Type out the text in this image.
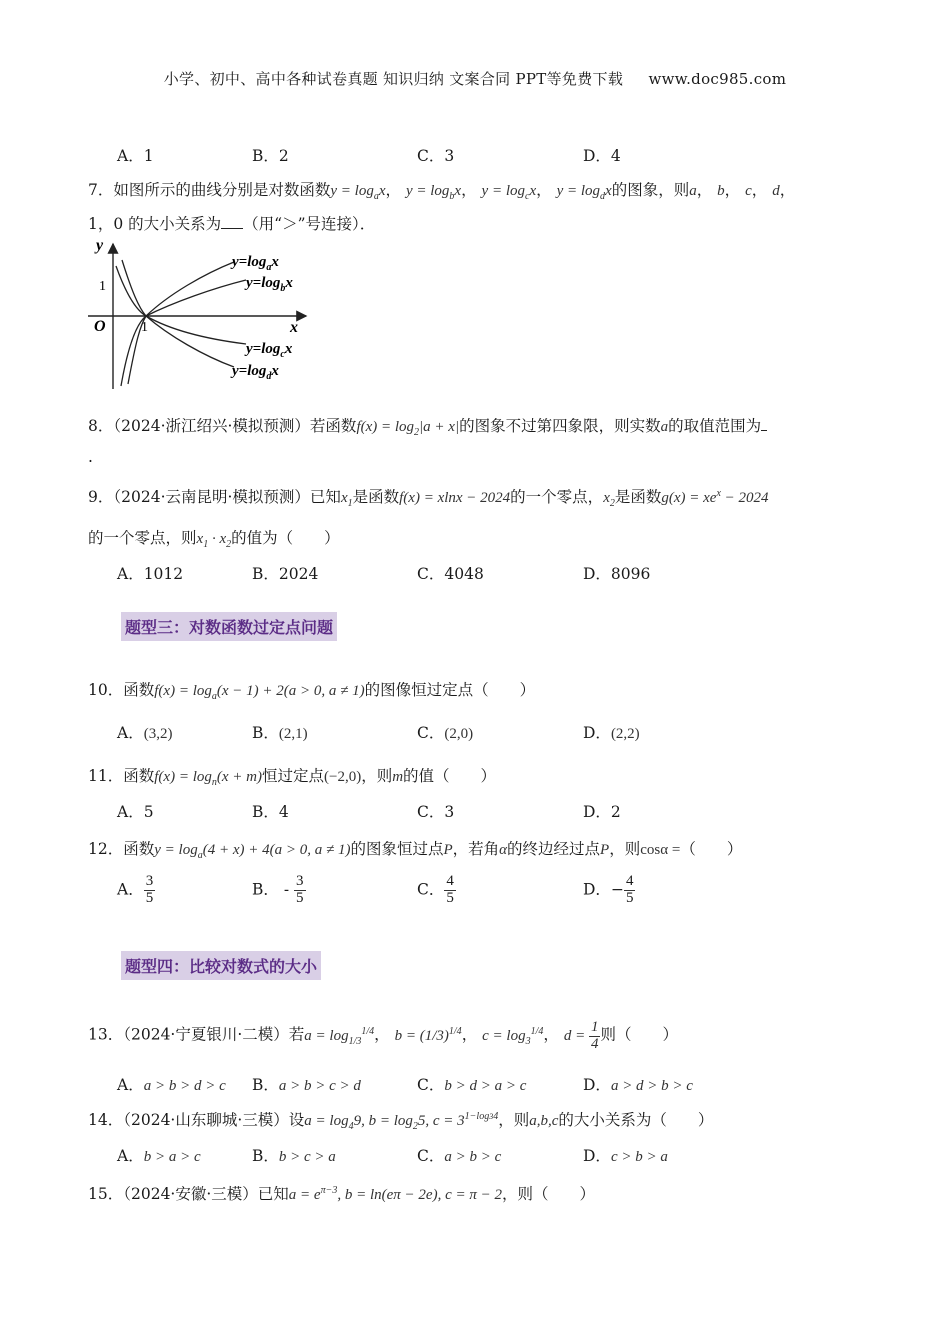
小学、初中、高中各种试卷真题 知识归纳 文案合同 PPT等免费下载 www.doc985.com
A．1	B．2	C．3	D．4
7．如图所示的曲线分别是对数函数$y = \log_ax$， $y = \log_bx$， $y = \log_cx$， $y = \log_dx$的图象，则a， b， c， d，
1，0 的大小关系为 （用“＞”号连接）．
y
x
O
1
1
$y=\log_ax$
$y=\log_bx$
$y=\log_cx$
$y=\log_dx$
8．（2024·浙江绍兴·模拟预测）若函数$f(x) = \log_2|a + x|$的图象不过第四象限，则实数a的取值范围为
.
9．（2024·云南昆明·模拟预测）已知$x_1$是函数f(x) = xlnx − 2024的一个零点，$x_2$是函数$g(x) = xe^x - 2024$
的一个零点，则$x_1 \cdot x_2$的值为（　　）
A．1012	B．2024	C．4048	D．8096
题型三：对数函数过定点问题
10．函数$f(x) = \log_a(x - 1) + 2(a > 0$, a ≠ 1)的图像恒过定点（　　）
A．(3,2)	B．(2,1)	C．(2,0)	D．(2,2)
11．函数$f(x) = \log_n(x + m)$恒过定点(−2,0)，则m的值（　　）
A．5	B．4	C．3	D．2
12．函数$y = \log_a(4 + x) + 4(a > 0$, a ≠ 1)的图象恒过点P，若角α的终边经过点P，则cosα =（　　）
A． $\frac{3}{5}$	B． - $\frac{3}{5}$	C． $\frac{4}{5}$	D．− $\frac{4}{5}$
题型四：比较对数式的大小
13．（2024·宁夏银川·二模）若$a = \log_{1/3}^{1/4}$， $b = (1/3)^{1/4}$， $c = \log_3^{1/4}$， $d = \frac{1}{4}$ 则（　　）
A．a > b > d > c B．a > b > c > d	C．b > d > a > c	D．a > d > b > c
14．（2024·山东聊城·三模）设$a = \log_49$, $b = \log_25$, $c = 3^{1-log34}$，则a,b,c的大小关系为（　　）
A．b > a > c	B．b > c > a	C．a > b > c	D．c > b > a
15．（2024·安徽·三模）已知$a = e^{\pi-3}$, b = ln(eπ − 2e), c = π − 2，则（　　）
